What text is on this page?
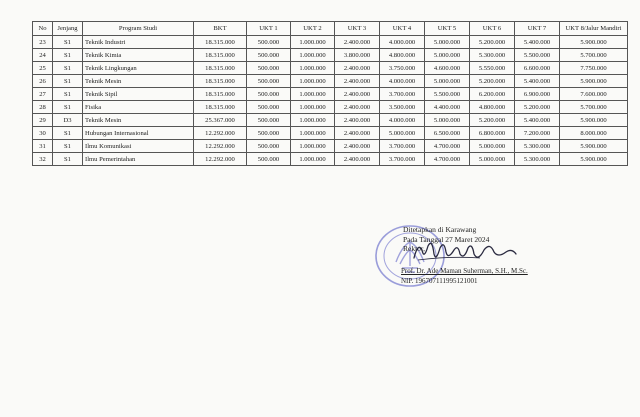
No	Jenjang	Program Studi	BKT	UKT 1	UKT 2	UKT 3	UKT 4	UKT 5	UKT 6	UKT 7	UKT 8/Jalur Mandiri
23	S1	Teknik Industri	18.315.000	500.000	1.000.000	2.400.000	4.000.000	5.000.000	5.200.000	5.400.000	5.900.000
24	S1	Teknik Kimia	18.315.000	500.000	1.000.000	3.800.000	4.800.000	5.000.000	5.300.000	5.500.000	5.700.000
25	S1	Teknik Lingkungan	18.315.000	500.000	1.000.000	2.400.000	3.750.000	4.600.000	5.550.000	6.600.000	7.750.000
26	S1	Teknik Mesin	18.315.000	500.000	1.000.000	2.400.000	4.000.000	5.000.000	5.200.000	5.400.000	5.900.000
27	S1	Teknik Sipil	18.315.000	500.000	1.000.000	2.400.000	3.700.000	5.500.000	6.200.000	6.900.000	7.600.000
28	S1	Fisika	18.315.000	500.000	1.000.000	2.400.000	3.500.000	4.400.000	4.800.000	5.200.000	5.700.000
29	D3	Teknik Mesin	25.367.000	500.000	1.000.000	2.400.000	4.000.000	5.000.000	5.200.000	5.400.000	5.900.000
30	S1	Hubungan Internasional	12.292.000	500.000	1.000.000	2.400.000	5.000.000	6.500.000	6.800.000	7.200.000	8.000.000
31	S1	Ilmu Komunikasi	12.292.000	500.000	1.000.000	2.400.000	3.700.000	4.700.000	5.000.000	5.300.000	5.900.000
32	S1	Ilmu Pemerintahan	12.292.000	500.000	1.000.000	2.400.000	3.700.000	4.700.000	5.000.000	5.300.000	5.900.000
Ditetapkan di Karawang
Pada Tanggal 27 Maret 2024
Rektor,
Prof. Dr. Ade Maman Suherman, S.H., M.Sc.
NIP. 196707111995121001
